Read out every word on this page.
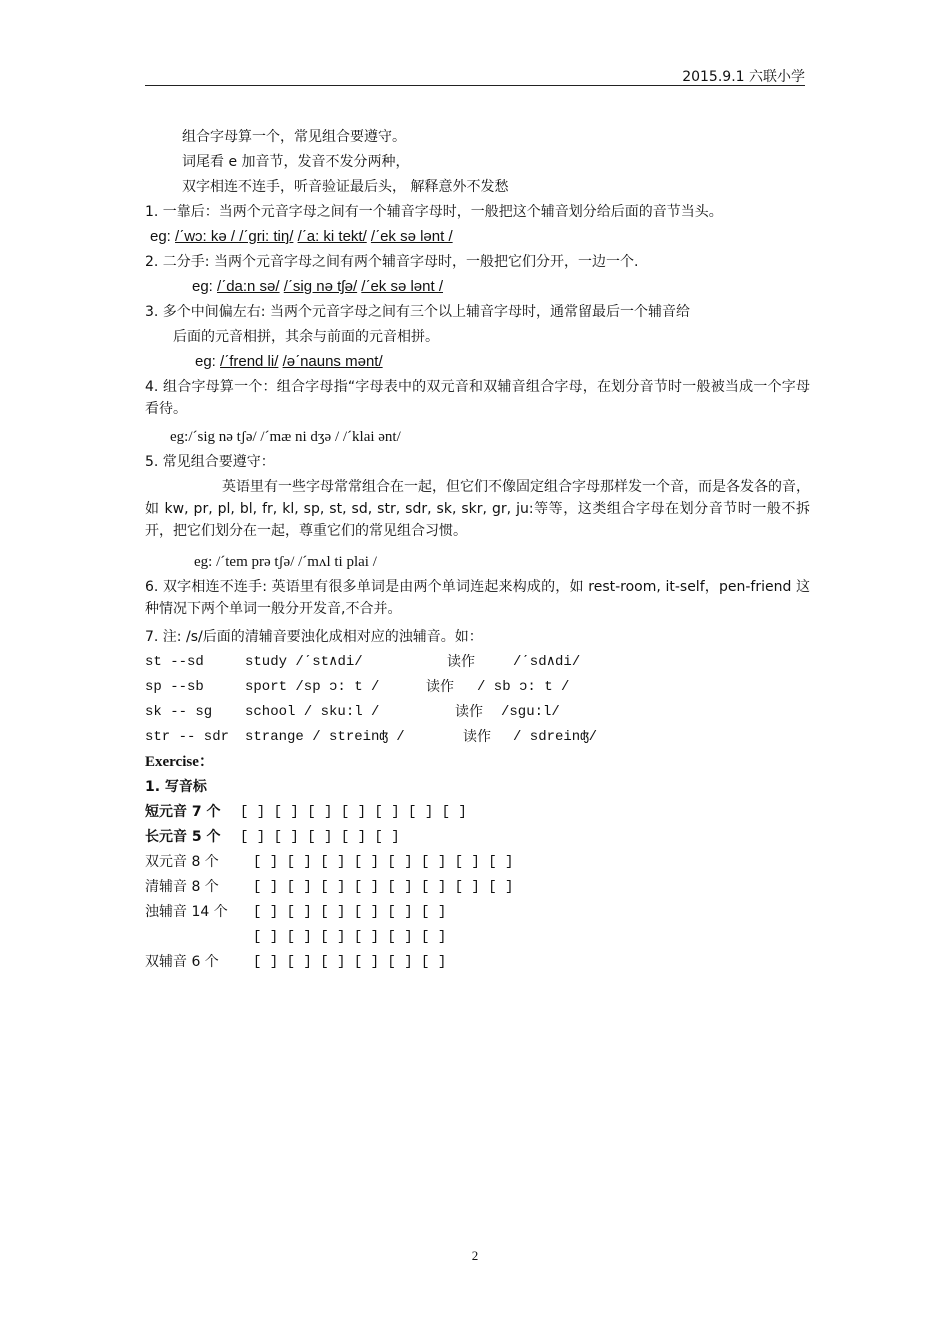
2015.9.1 六联小学
组合字母算一个，常见组合要遵守。
词尾看 e 加音节，发音不发分两种，
双字相连不连手，听音验证最后头， 解释意外不发愁
1. 一靠后：当两个元音字母之间有一个辅音字母时，一般把这个辅音划分给后面的音节当头。
eg: /ˊwɔ: kə / /ˊgri: tiŋ/ /ˊa: ki tekt/ /ˊek sə lənt /
2. 二分手: 当两个元音字母之间有两个辅音字母时，一般把它们分开，一边一个.
eg: /ˊda:n sə/ /ˊsig nə tʃə/ /ˊek sə lənt /
3. 多个中间偏左右: 当两个元音字母之间有三个以上辅音字母时，通常留最后一个辅音给
后面的元音相拼，其余与前面的元音相拼。
eg: /ˊfrend li/ /əˊnauns mənt/
4. 组合字母算一个：组合字母指“字母表中的双元音和双辅音组合字母，在划分音节时一般被当成一个字母看待。
eg:/ˊsig nə tʃə/ /ˊmæ ni dʒə / /ˊklai ənt/
5. 常见组合要遵守：
英语里有一些字母常常组合在一起，但它们不像固定组合字母那样发一个音，而是各发各的音，如 kw, pr, pl, bl, fr, kl, sp, st, sd, str, sdr, sk, skr, gr, ju:等等，这类组合字母在划分音节时一般不拆开，把它们划分在一起，尊重它们的常见组合习惯。
eg: /ˊtem prə tʃə/ /ˊmʌl ti plai /
6. 双字相连不连手: 英语里有很多单词是由两个单词连起来构成的，如 rest-room, it-self，pen-friend 这种情况下两个单词一般分开发音,不合并。
7. 注: /s/后面的清辅音要浊化成相对应的浊辅音。如：
st --sd	study /ˊst∧di/	读作	/ˊsd∧di/
sp --sb	sport /sp ɔ: t /	读作 / sb ɔ: t /
sk -- sg school / sku:l /	读作 /sgu:l/
str -- sdr strange / streinʤ /	读作 / sdreinʤ/
Exercise：
1. 写音标
短元音 7 个 [ ] [ ] [ ] [ ] [ ] [ ] [ ]
长元音 5 个 [ ] [ ] [ ] [ ] [ ]
双元音 8 个 [ ] [ ] [ ] [ ] [ ] [ ] [ ] [ ]
清辅音 8 个 [ ] [ ] [ ] [ ] [ ] [ ] [ ] [ ]
浊辅音 14 个 [ ] [ ] [ ] [ ] [ ] [ ]
[ ] [ ] [ ] [ ] [ ] [ ]
双辅音 6 个 [ ] [ ] [ ] [ ] [ ] [ ]
2
